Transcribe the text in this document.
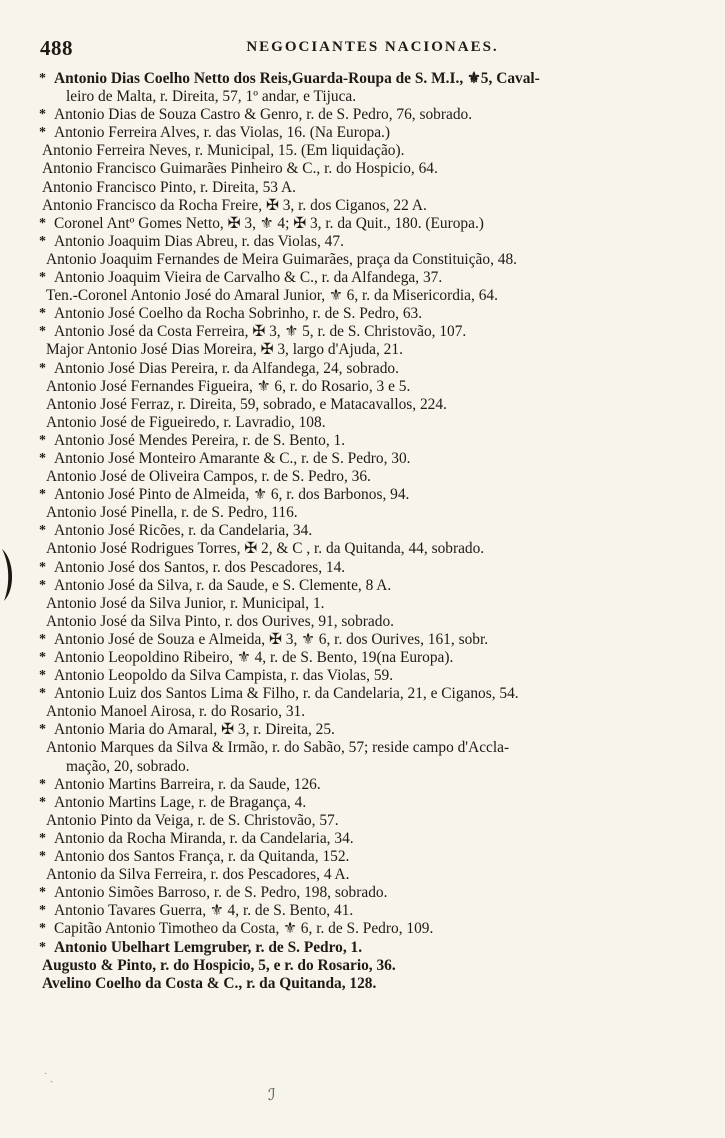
488	NEGOCIANTES NACIONAES.
* Antonio Dias Coelho Netto dos Reis,Guarda-Roupa de S. M.I., ⚜5, Caval-
leiro de Malta, r. Direita, 57, 1º andar, e Tijuca.
* Antonio Dias de Souza Castro & Genro, r. de S. Pedro, 76, sobrado.
* Antonio Ferreira Alves, r. das Violas, 16. (Na Europa.)
Antonio Ferreira Neves, r. Municipal, 15. (Em liquidação).
Antonio Francisco Guimarães Pinheiro & C., r. do Hospicio, 64.
Antonio Francisco Pinto, r. Direita, 53 A.
Antonio Francisco da Rocha Freire, ✠ 3, r. dos Ciganos, 22 A.
* Coronel Antº Gomes Netto, ✠ 3, ⚜ 4; ✠ 3, r. da Quit., 180. (Europa.)
* Antonio Joaquim Dias Abreu, r. das Violas, 47.
Antonio Joaquim Fernandes de Meira Guimarães, praça da Constituição, 48.
* Antonio Joaquim Vieira de Carvalho & C., r. da Alfandega, 37.
Ten.-Coronel Antonio José do Amaral Junior, ⚜ 6, r. da Misericordia, 64.
* Antonio José Coelho da Rocha Sobrinho, r. de S. Pedro, 63.
* Antonio José da Costa Ferreira, ✠ 3, ⚜ 5, r. de S. Christovão, 107.
Major Antonio José Dias Moreira, ✠ 3, largo d'Ajuda, 21.
* Antonio José Dias Pereira, r. da Alfandega, 24, sobrado.
Antonio José Fernandes Figueira, ⚜ 6, r. do Rosario, 3 e 5.
Antonio José Ferraz, r. Direita, 59, sobrado, e Matacavallos, 224.
Antonio José de Figueiredo, r. Lavradio, 108.
* Antonio José Mendes Pereira, r. de S. Bento, 1.
* Antonio José Monteiro Amarante & C., r. de S. Pedro, 30.
Antonio José de Oliveira Campos, r. de S. Pedro, 36.
* Antonio José Pinto de Almeida, ⚜ 6, r. dos Barbonos, 94.
Antonio José Pinella, r. de S. Pedro, 116.
* Antonio José Ricões, r. da Candelaria, 34.
Antonio José Rodrigues Torres, ✠ 2, & C , r. da Quitanda, 44, sobrado.
* Antonio José dos Santos, r. dos Pescadores, 14.
* Antonio José da Silva, r. da Saude, e S. Clemente, 8 A.
Antonio José da Silva Junior, r. Municipal, 1.
Antonio José da Silva Pinto, r. dos Ourives, 91, sobrado.
* Antonio José de Souza e Almeida, ✠ 3, ⚜ 6, r. dos Ourives, 161, sobr.
* Antonio Leopoldino Ribeiro, ⚜ 4, r. de S. Bento, 19(na Europa).
* Antonio Leopoldo da Silva Campista, r. das Violas, 59.
* Antonio Luiz dos Santos Lima & Filho, r. da Candelaria, 21, e Ciganos, 54.
Antonio Manoel Airosa, r. do Rosario, 31.
* Antonio Maria do Amaral, ✠ 3, r. Direita, 25.
Antonio Marques da Silva & Irmão, r. do Sabão, 57; reside campo d'Accla-
mação, 20, sobrado.
* Antonio Martins Barreira, r. da Saude, 126.
* Antonio Martins Lage, r. de Bragança, 4.
Antonio Pinto da Veiga, r. de S. Christovão, 57.
* Antonio da Rocha Miranda, r. da Candelaria, 34.
* Antonio dos Santos França, r. da Quitanda, 152.
Antonio da Silva Ferreira, r. dos Pescadores, 4 A.
* Antonio Simões Barroso, r. de S. Pedro, 198, sobrado.
* Antonio Tavares Guerra, ⚜ 4, r. de S. Bento, 41.
* Capitão Antonio Timotheo da Costa, ⚜ 6, r. de S. Pedro, 109.
* Antonio Ubelhart Lemgruber, r. de S. Pedro, 1.
Augusto & Pinto, r. do Hospicio, 5, e r. do Rosario, 36.
Avelino Coelho da Costa & C., r. da Quitanda, 128.
˙ ˏ
ℐ
